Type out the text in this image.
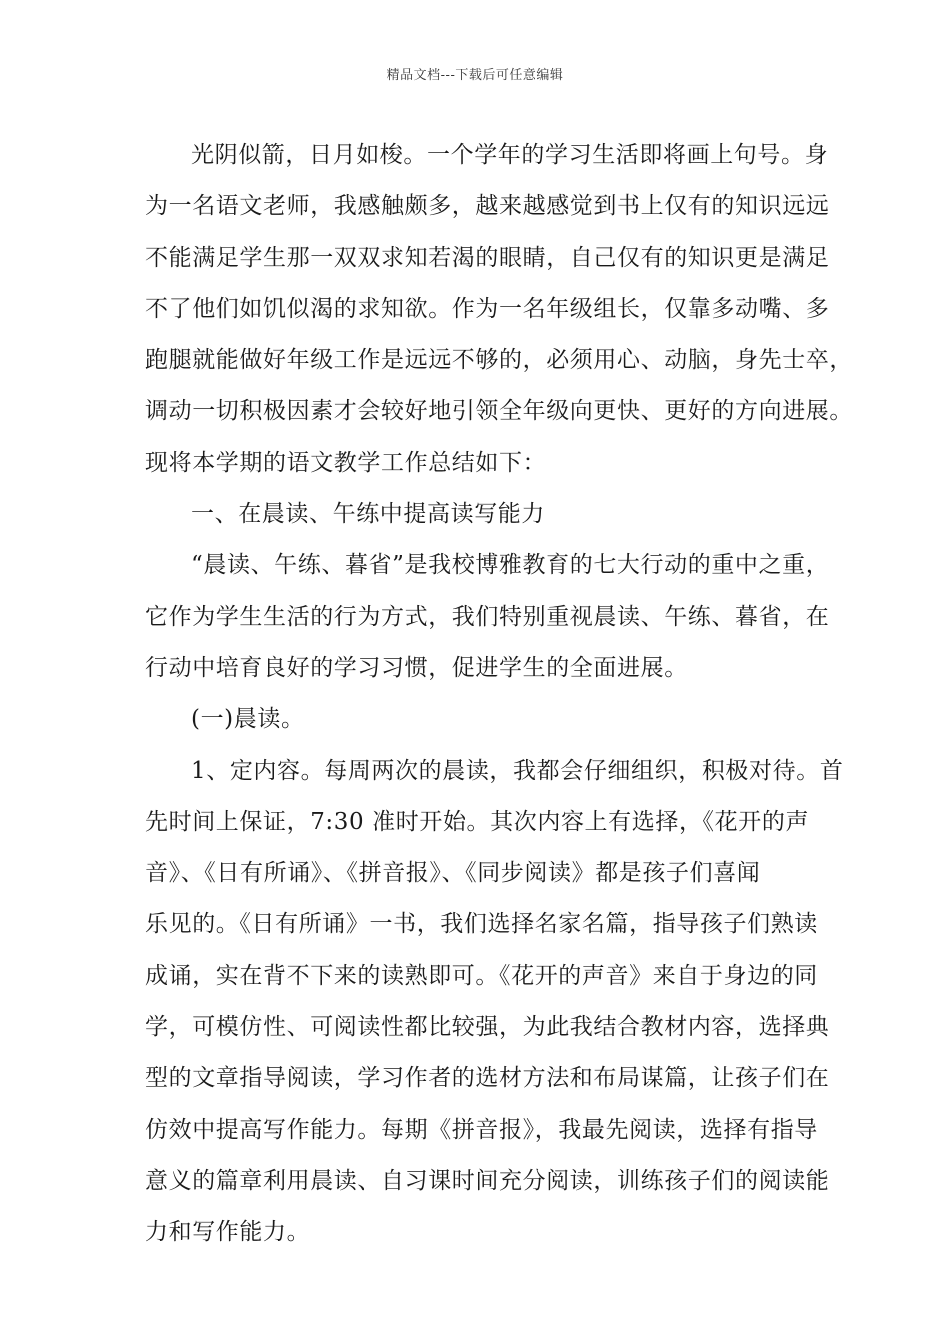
精品文档---下载后可任意编辑
光阴似箭，日月如梭。一个学年的学习生活即将画上句号。身
为一名语文老师，我感触颇多，越来越感觉到书上仅有的知识远远
不能满足学生那一双双求知若渴的眼睛，自己仅有的知识更是满足
不了他们如饥似渴的求知欲。作为一名年级组长，仅靠多动嘴、多
跑腿就能做好年级工作是远远不够的，必须用心、动脑，身先士卒，
调动一切积极因素才会较好地引领全年级向更快、更好的方向进展。
现将本学期的语文教学工作总结如下：
一、在晨读、午练中提高读写能力
“晨读、午练、暮省”是我校博雅教育的七大行动的重中之重，
它作为学生生活的行为方式，我们特别重视晨读、午练、暮省，在
行动中培育良好的学习习惯，促进学生的全面进展。
(一)晨读。
1、定内容。每周两次的晨读，我都会仔细组织，积极对待。首
先时间上保证，7:30 准时开始。其次内容上有选择，《花开的声
音》、《日有所诵》、《拼音报》、《同步阅读》都是孩子们喜闻
乐见的。《日有所诵》一书，我们选择名家名篇，指导孩子们熟读
成诵，实在背不下来的读熟即可。《花开的声音》来自于身边的同
学，可模仿性、可阅读性都比较强，为此我结合教材内容，选择典
型的文章指导阅读，学习作者的选材方法和布局谋篇，让孩子们在
仿效中提高写作能力。每期《拼音报》，我最先阅读，选择有指导
意义的篇章利用晨读、自习课时间充分阅读，训练孩子们的阅读能
力和写作能力。
